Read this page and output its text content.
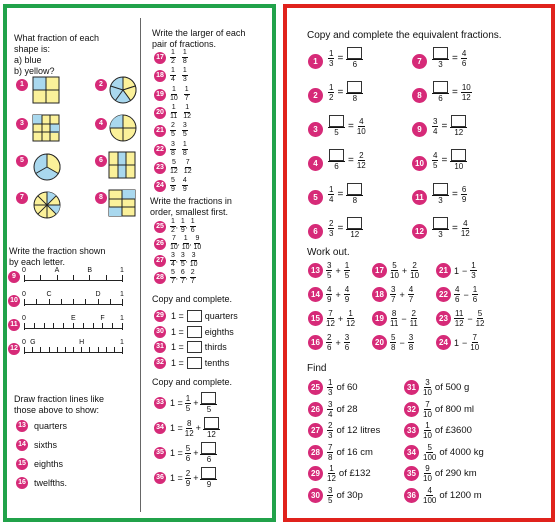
What fraction of each
shape is:
a) blue
b) yellow?
1	2
3	4
5	6
7	8
Write the fraction shown
by each letter.
9
0	A	B	1
10
0	C	D	1
11
0	E	F 1
12
0 G	H	1
Draw fraction lines like
those above to show:
13 quarters
14 sixths
15 eighths
16 twelfths.
Write the larger of each
pair of fractions.
$17 \frac{1}{2} \frac{1}{8}$
$18 \frac{1}{4} \frac{1}{3}$
$19 \frac{1}{10} \frac{1}{7}$
$20 \frac{1}{11} \frac{1}{12}$
$21 \frac{2}{5} \frac{3}{5}$
$22 \frac{3}{8} \frac{1}{8}$
$23 \frac{5}{12} \frac{7}{12}$
$24 \frac{5}{9} \frac{4}{9}$
Write the fractions in
order, smallest first.
$25 \frac{1}{2}$ , $\frac{1}{9}$ , $\frac{1}{6}$
$26 \frac{7}{10}$ , $\frac{1}{10}$ , $\frac{9}{10}$
$27 \frac{3}{4}$ , $\frac{3}{5}$ , $\frac{3}{10}$
$28 \frac{5}{7}$ , $\frac{6}{7}$ , $\frac{2}{7}$
Copy and complete.
29 1 = quarters
30 1 = eighths
31 1 = thirds
32 1 = tenths
Copy and complete.
33 $1 = \frac{1}{5}$ +
5
34 $1 = \frac{8}{12}$ +
12
35 $1 = \frac{5}{6}$ +
6
36 $1 = \frac{2}{9}$ +
9
Copy and complete the equivalent fractions.
1	$\frac{1}{3}$ =
6
2	$\frac{1}{2}$ =
8
3	5
= $\frac{4}{10}$
4	6
= $\frac{2}{12}$
5	$\frac{1}{4}$ =
8
6	$\frac{2}{3}$ =
12
7	3
= $\frac{4}{6}$
8	6
= $\frac{10}{12}$
9	$\frac{3}{4}$ =
12
10	$\frac{4}{5}$ =
10
11	3
= $\frac{6}{9}$
12	3
= $\frac{4}{12}$
Work out.
$13 \frac{3}{5} + \frac{1}{5}$
$14 \frac{4}{9} + \frac{4}{9}$
$15 \frac{7}{12} + \frac{1}{12}$
$16 \frac{2}{6} + \frac{3}{6}$
$17 \frac{5}{10} + \frac{2}{10}$
$18 \frac{3}{7} + \frac{4}{7}$
$19 \frac{8}{11} - \frac{2}{11}$
$20 \frac{5}{8} - \frac{3}{8}$
21 $1 - \frac{1}{3}$
$22 \frac{4}{6} - \frac{1}{6}$
$23 \frac{11}{12} - \frac{5}{12}$
24 $1 - \frac{7}{10}$
Find
$25 \frac{1}{3}$ of 60
$26 \frac{3}{4}$ of 28
$27 \frac{2}{3}$ of 12 litres
$28 \frac{7}{8}$ of 16 cm
$29 \frac{1}{12}$ of £132
$30 \frac{3}{5}$ of 30p
$31 \frac{3}{10}$ of 500 g
$32 \frac{7}{10}$ of 800 ml
$33 \frac{1}{10}$ of £3600
$34 \frac{5}{100}$ of 4000 kg
$35 \frac{9}{10}$ of 290 km
$36 \frac{4}{100}$ of 1200 m
